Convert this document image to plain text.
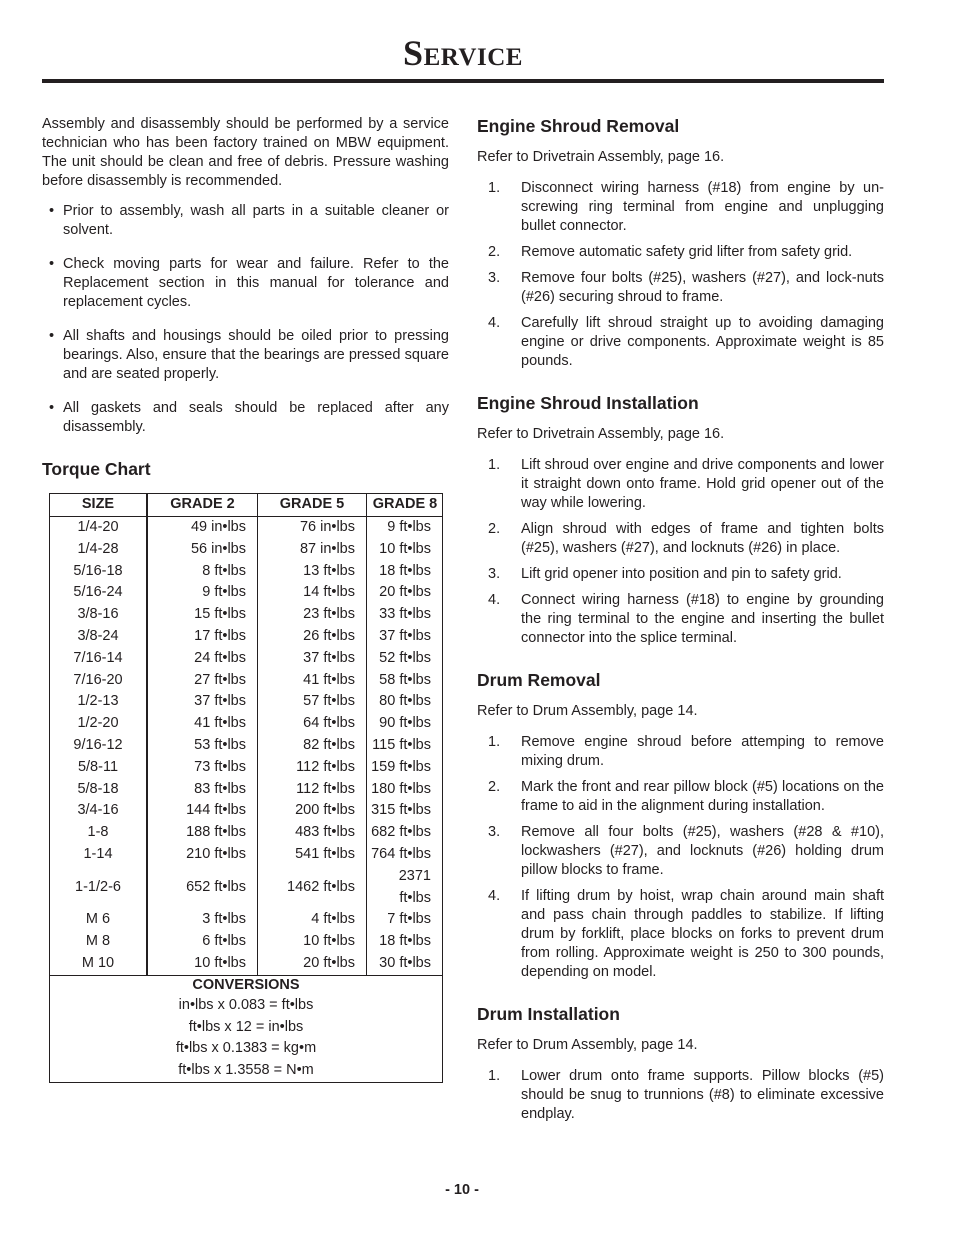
Service

Assembly and disassembly should be performed by a service technician who has been factory trained on MBW equipment. The unit should be clean and free of debris. Pressure washing before disassembly is recommended.

• Prior to assembly, wash all parts in a suitable cleaner or solvent.
• Check moving parts for wear and failure. Refer to the Replacement section in this manual for tolerance and replacement cycles.
• All shafts and housings should be oiled prior to pressing bearings. Also, ensure that the bearings are pressed square and are seated properly.
• All gaskets and seals should be replaced after any disassembly.
Torque Chart
SIZE	GRADE 2	GRADE 5	GRADE 8
1/4-20	49 in•lbs	76 in•lbs	9 ft•lbs
1/4-28	56 in•lbs	87 in•lbs	10 ft•lbs
5/16-18	8 ft•lbs	13 ft•lbs	18 ft•lbs
5/16-24	9 ft•lbs	14 ft•lbs	20 ft•lbs
3/8-16	15 ft•lbs	23 ft•lbs	33 ft•lbs
3/8-24	17 ft•lbs	26 ft•lbs	37 ft•lbs
7/16-14	24 ft•lbs	37 ft•lbs	52 ft•lbs
7/16-20	27 ft•lbs	41 ft•lbs	58 ft•lbs
1/2-13	37 ft•lbs	57 ft•lbs	80 ft•lbs
1/2-20	41 ft•lbs	64 ft•lbs	90 ft•lbs
9/16-12	53 ft•lbs	82 ft•lbs	115 ft•lbs
5/8-11	73 ft•lbs	112 ft•lbs	159 ft•lbs
5/8-18	83 ft•lbs	112 ft•lbs	180 ft•lbs
3/4-16	144 ft•lbs	200 ft•lbs	315 ft•lbs
1-8	188 ft•lbs	483 ft•lbs	682 ft•lbs
1-14	210 ft•lbs	541 ft•lbs	764 ft•lbs
1-1/2-6	652 ft•lbs	1462 ft•lbs	2371 ft•lbs
M 6	3 ft•lbs	4 ft•lbs	7 ft•lbs
M 8	6 ft•lbs	10 ft•lbs	18 ft•lbs
M 10	10 ft•lbs	20 ft•lbs	30 ft•lbs
CONVERSIONS
in•lbs x 0.083 = ft•lbs
ft•lbs x 12 = in•lbs
ft•lbs x 0.1383 = kg•m
ft•lbs x 1.3558 = N•m
Engine Shroud Removal

Refer to Drivetrain Assembly, page 16.

1. Disconnect wiring harness (#18) from engine by un-screwing ring terminal from engine and unplugging bullet connector.
2. Remove automatic safety grid lifter from safety grid.
3. Remove four bolts (#25), washers (#27), and lock-nuts (#26) securing shroud to frame.
4. Carefully lift shroud straight up to avoiding damaging engine or drive components. Approximate weight is 85 pounds.
Engine Shroud Installation

Refer to Drivetrain Assembly, page 16.

1. Lift shroud over engine and drive components and lower it straight down onto frame. Hold grid opener out of the way while lowering.
2. Align shroud with edges of frame and tighten bolts (#25), washers (#27), and locknuts (#26) in place.
3. Lift grid opener into position and pin to safety grid.
4. Connect wiring harness (#18) to engine by grounding the ring terminal to the engine and inserting the bullet connector into the splice terminal.
Drum Removal

Refer to Drum Assembly, page 14.

1. Remove engine shroud before attemping to remove mixing drum.
2. Mark the front and rear pillow block (#5) locations on the frame to aid in the alignment during installation.
3. Remove all four bolts (#25), washers (#28 & #10), lockwashers (#27), and locknuts (#26) holding drum pillow blocks to frame.
4. If lifting drum by hoist, wrap chain around main shaft and pass chain through paddles to stabilize. If lifting drum by forklift, place blocks on forks to prevent drum from rolling. Approximate weight is 250 to 300 pounds, depending on model.
Drum Installation

Refer to Drum Assembly, page 14.

1. Lower drum onto frame supports. Pillow blocks (#5) should be snug to trunnions (#8) to eliminate excessive endplay.
- 10 -
